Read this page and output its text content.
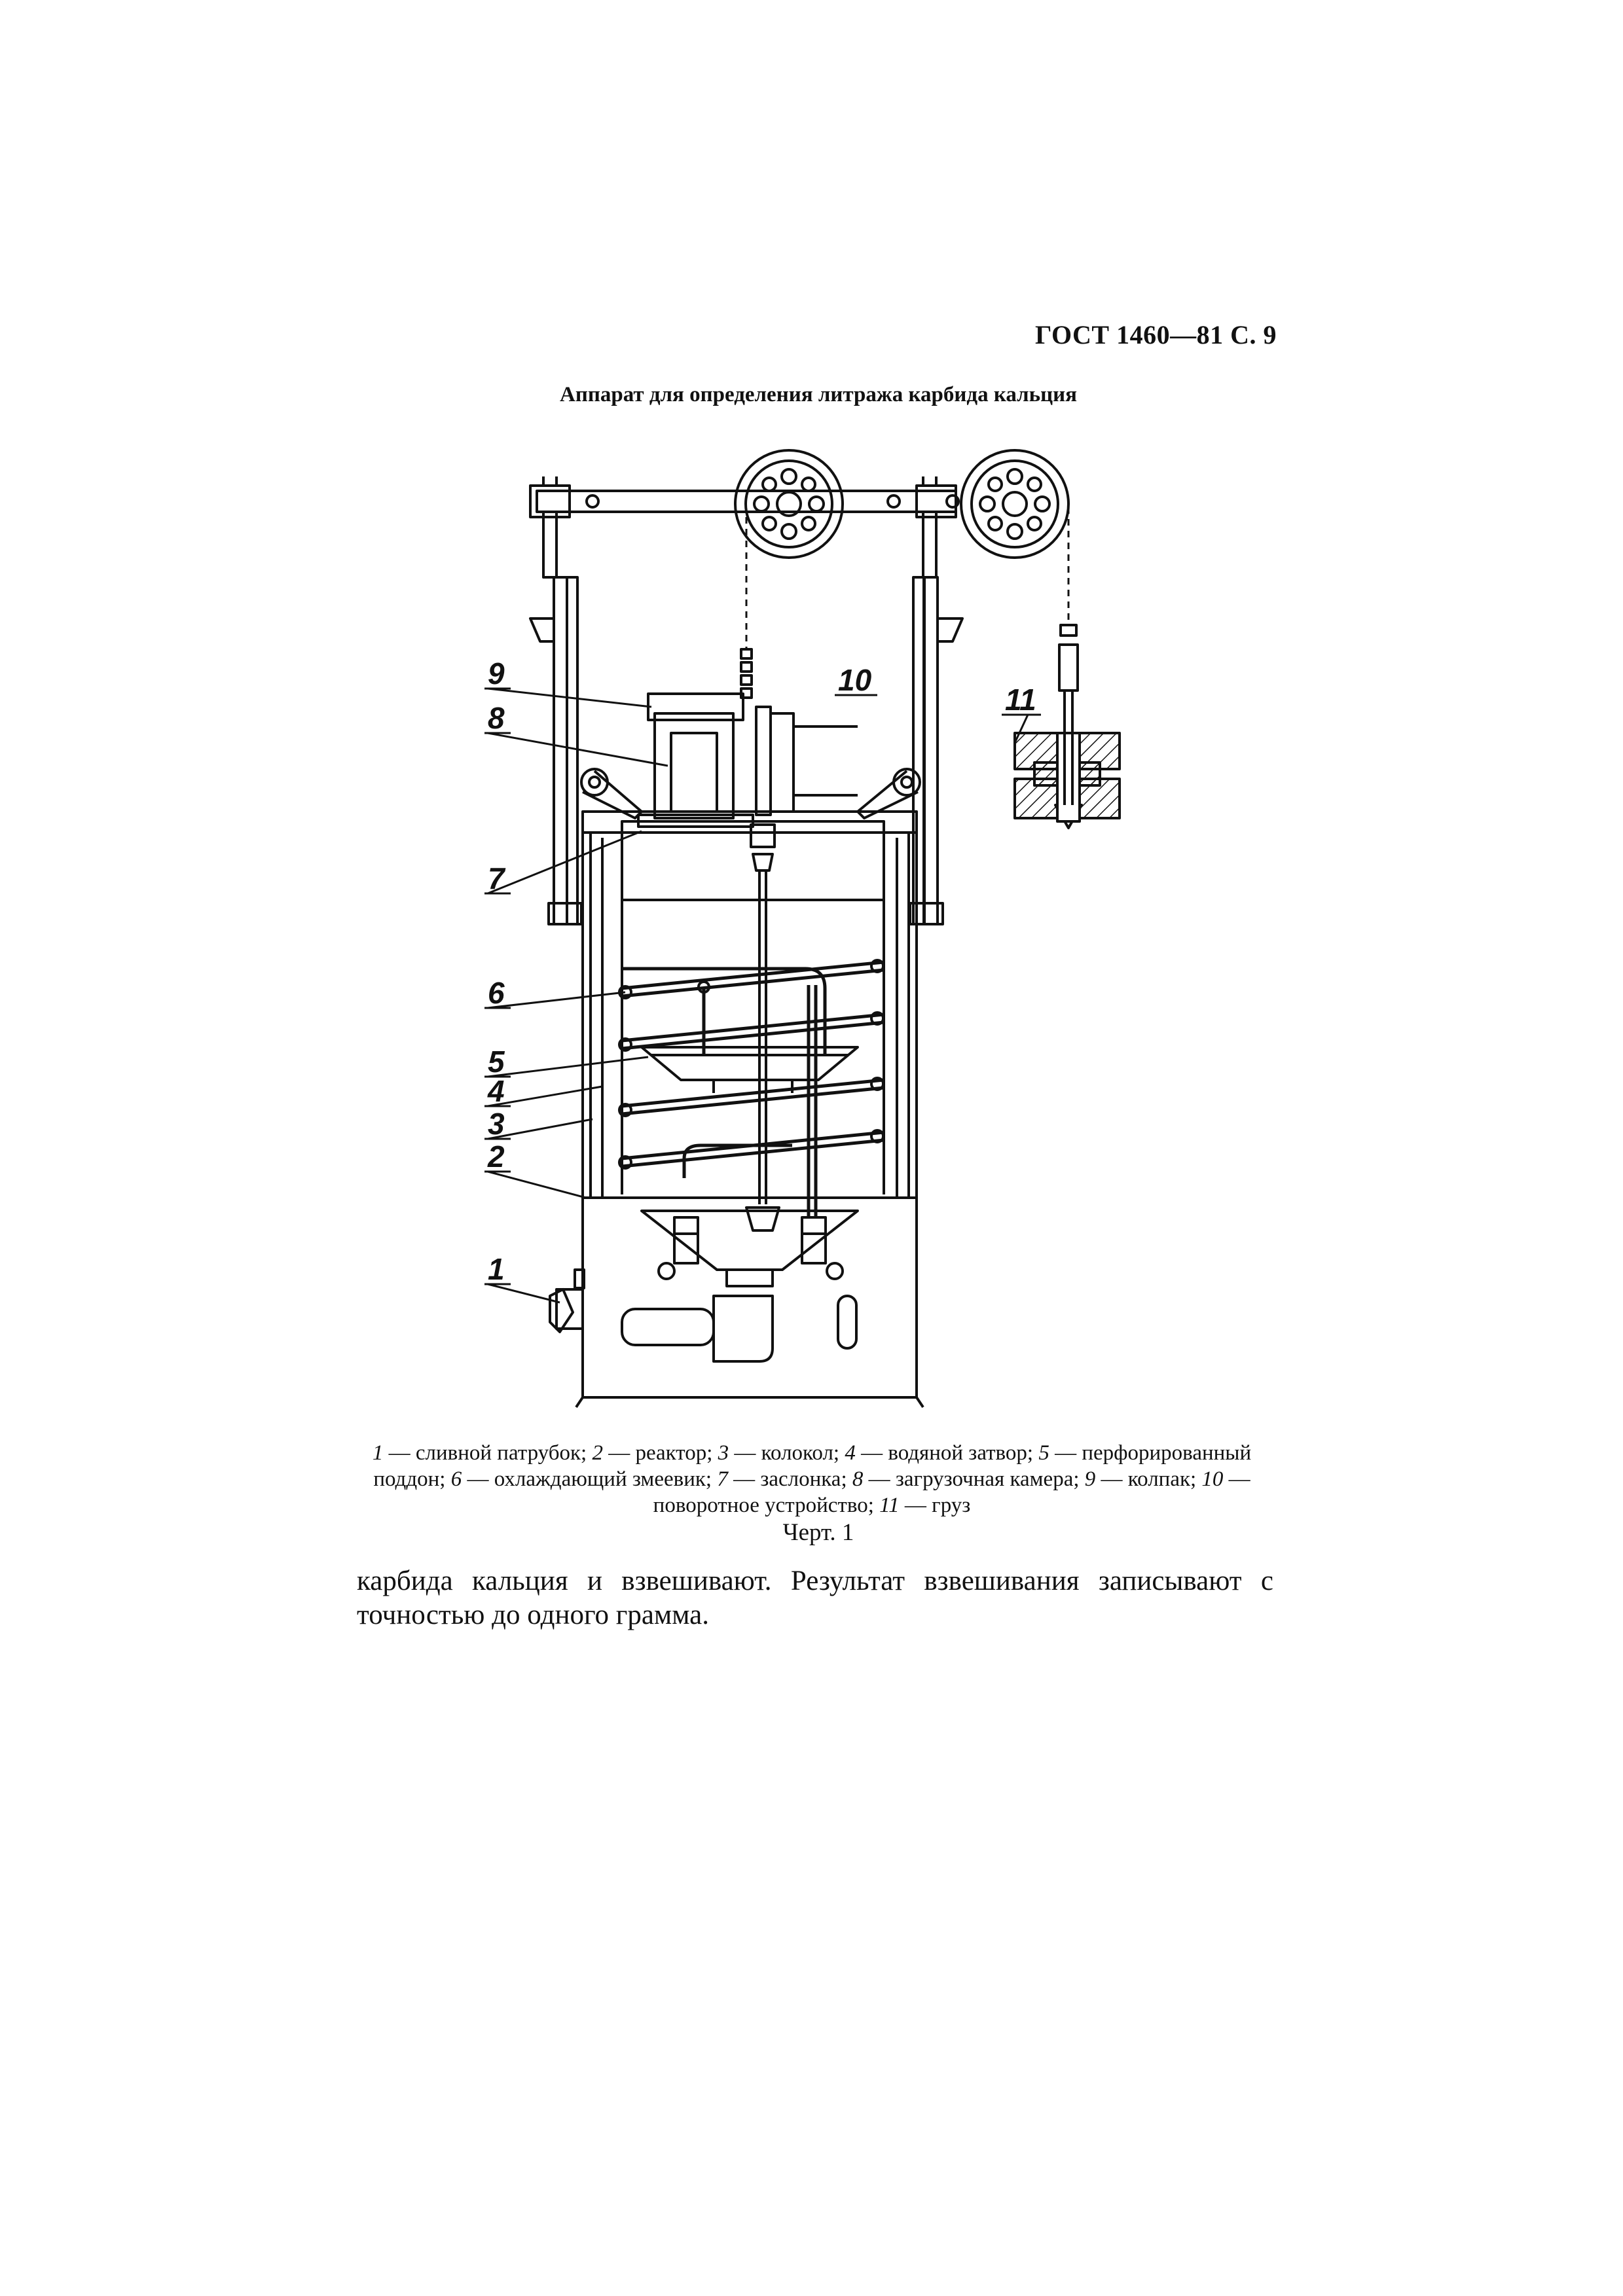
ГОСТ 1460—81 С. 9
Аппарат для определения литража карбида кальция
1
2
3
4
5
6
7
8
9	10
11
1 — сливной патрубок; 2 — реактор; 3 — колокол; 4 — водяной затвор; 5 — перфорированный поддон; 6 — охлаждающий змеевик; 7 — заслонка; 8 — загрузочная камера; 9 — колпак; 10 — поворотное устройство; 11 — груз
Черт. 1
карбида кальция и взвешивают. Результат взвешивания записывают с точностью до одного грамма.
